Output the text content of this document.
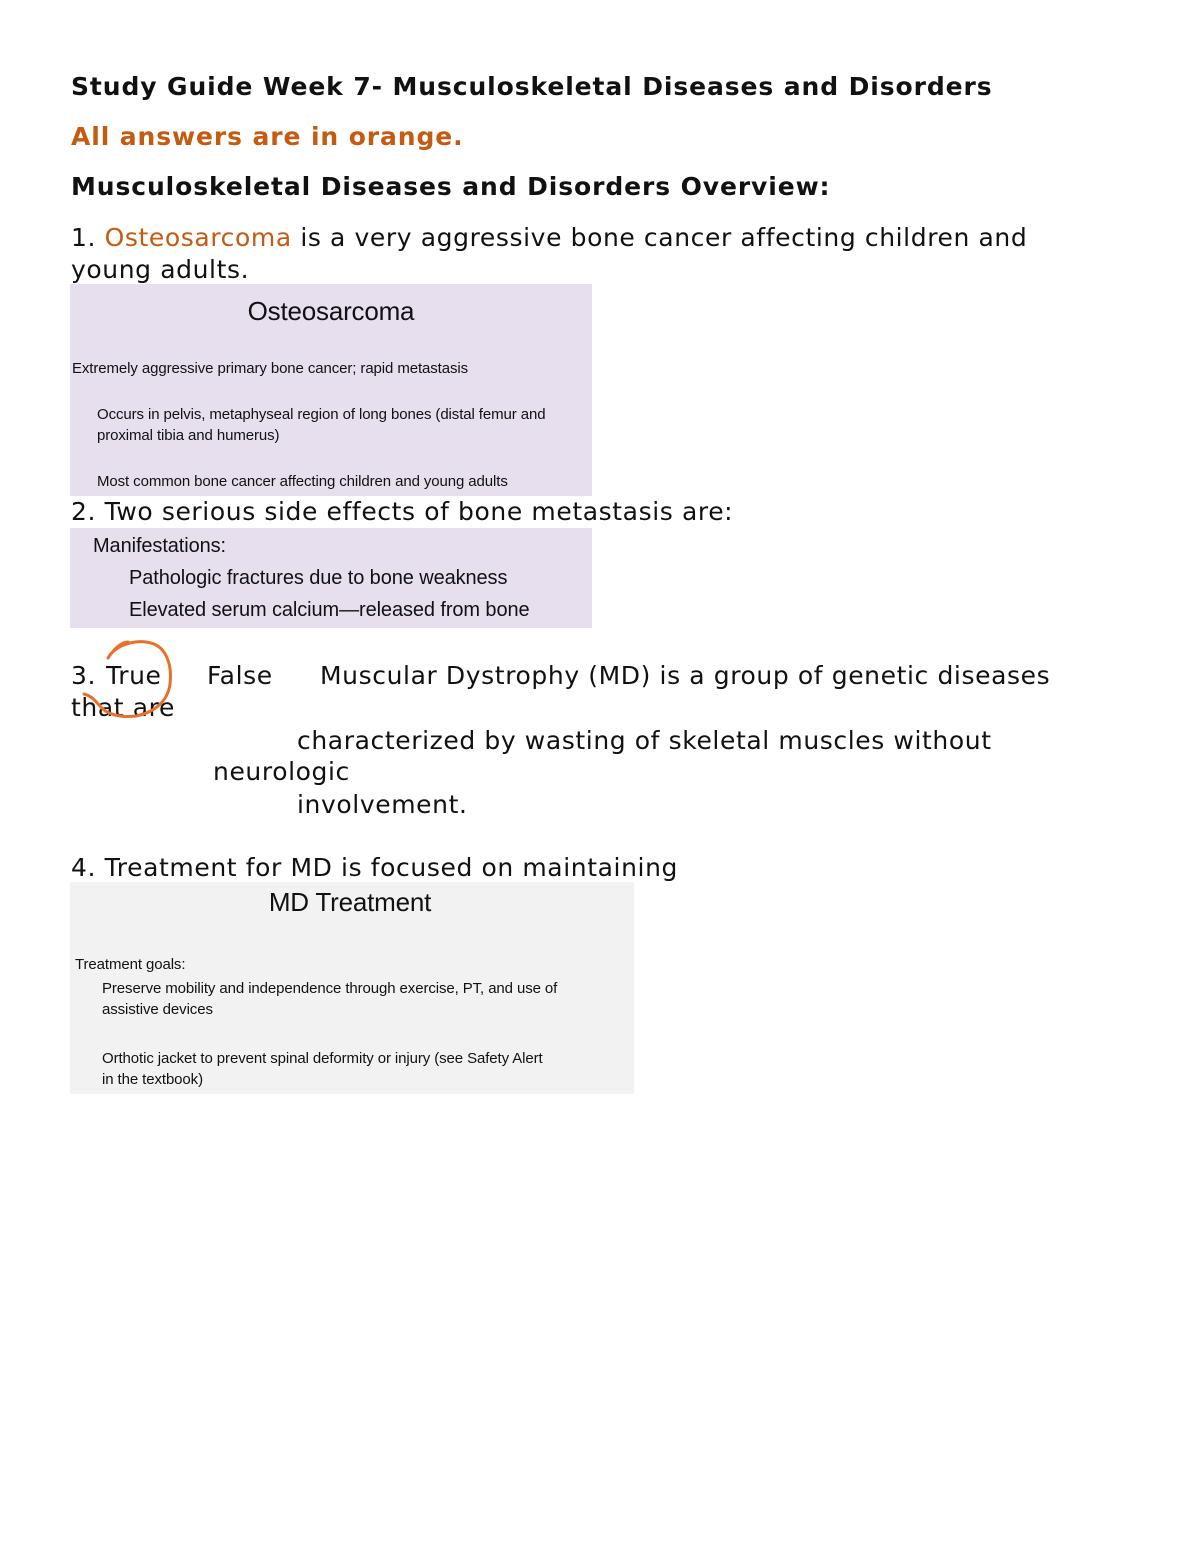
Study Guide Week 7- Musculoskeletal Diseases and Disorders
All answers are in orange.
Musculoskeletal Diseases and Disorders Overview:
1. Osteosarcoma is a very aggressive bone cancer affecting children and
young adults.
Osteosarcoma
Extremely aggressive primary bone cancer; rapid metastasis
Occurs in pelvis, metaphyseal region of long bones (distal femur and
proximal tibia and humerus)
Most common bone cancer affecting children and young adults
2. Two serious side effects of bone metastasis are:
Manifestations:
Pathologic fractures due to bone weakness
Elevated serum calcium—released from bone
3. True False Muscular Dystrophy (MD) is a group of genetic diseases
that are
characterized by wasting of skeletal muscles without
neurologic
involvement.
4. Treatment for MD is focused on maintaining
MD Treatment
Treatment goals:
Preserve mobility and independence through exercise, PT, and use of
assistive devices
Orthotic jacket to prevent spinal deformity or injury (see Safety Alert
in the textbook)
